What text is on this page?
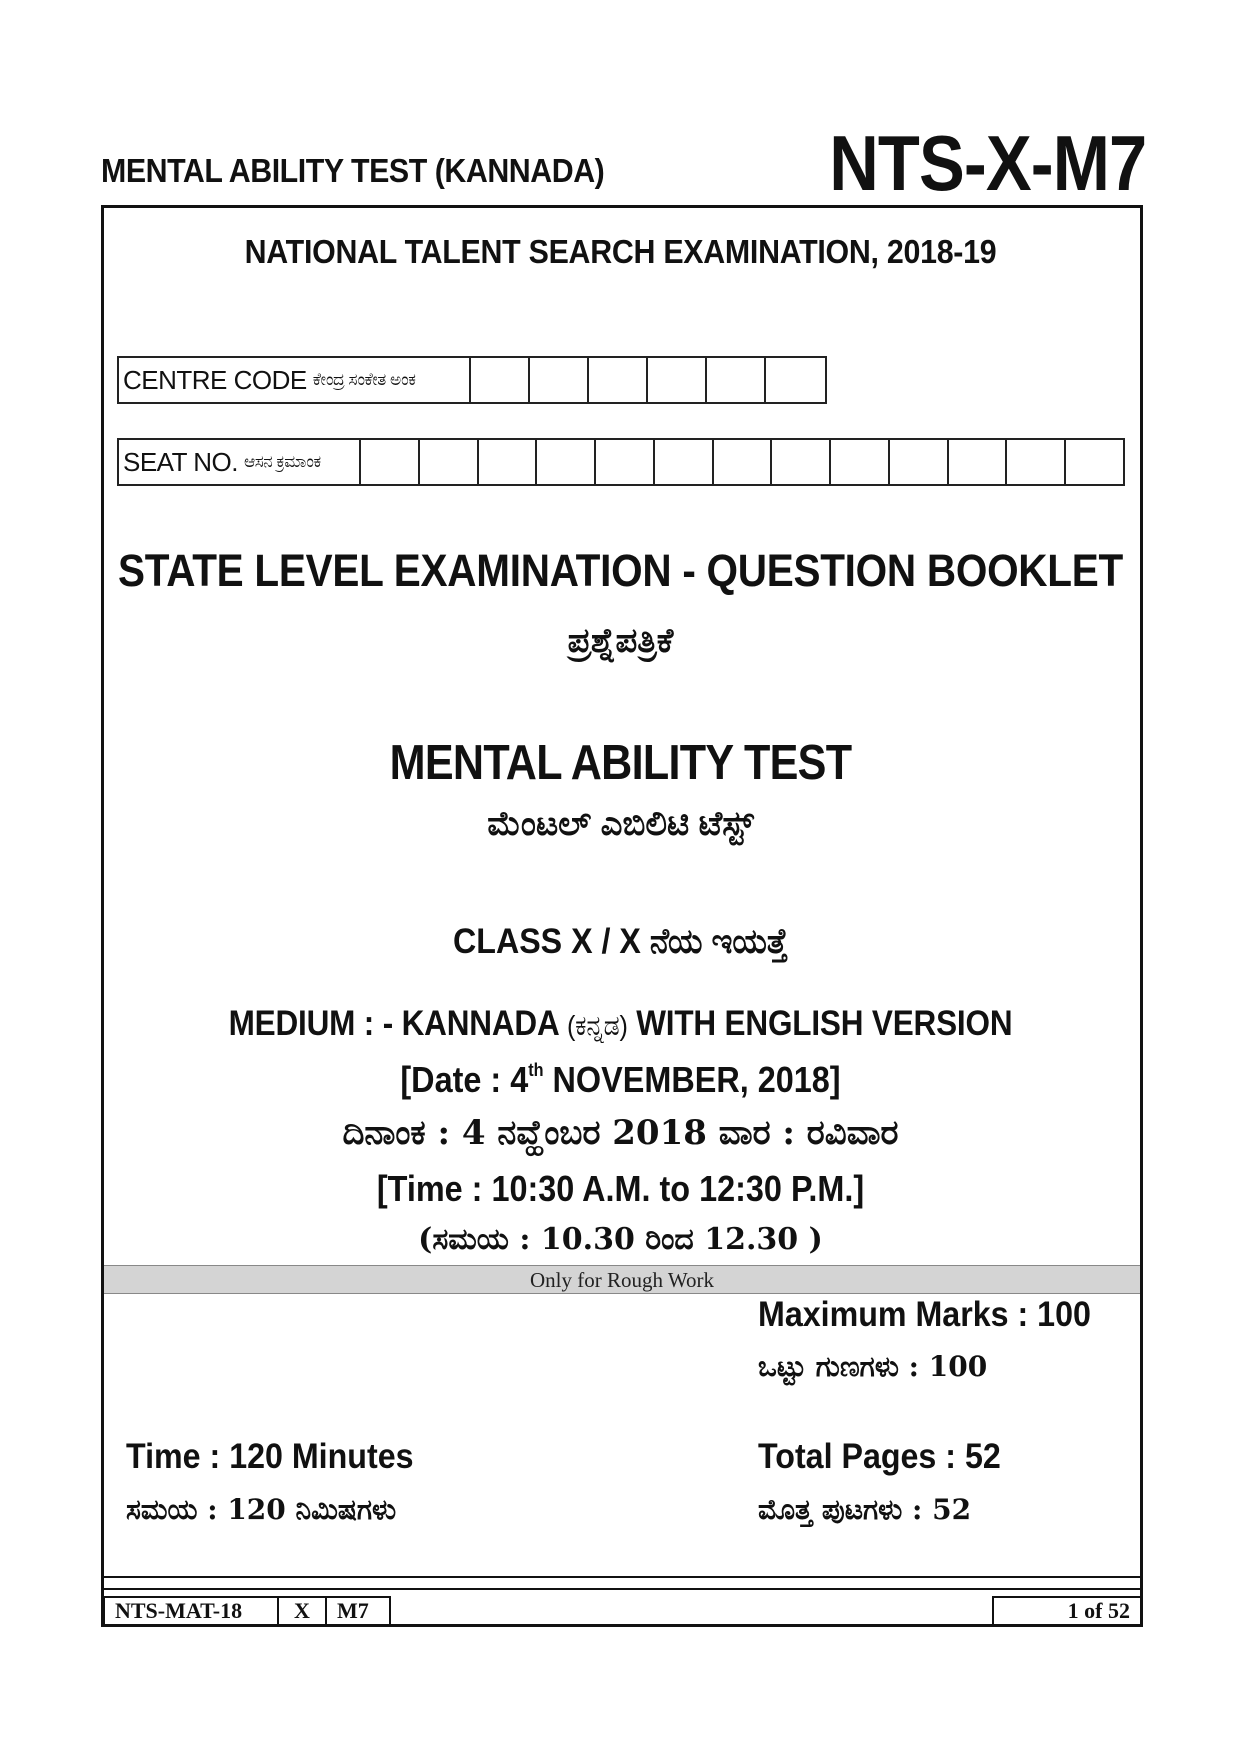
MENTAL ABILITY TEST (KANNADA)	NTS-X-M7
NATIONAL TALENT SEARCH EXAMINATION, 2018-19
CENTRE CODE ಕೇಂದ್ರ ಸಂಕೇತ ಅಂಕ
SEAT NO. ಆಸನ ಕ್ರಮಾಂಕ
STATE LEVEL EXAMINATION - QUESTION BOOKLET
ಪ್ರಶ್ನೆಪತ್ರಿಕೆ
MENTAL ABILITY TEST
ಮೆಂಟಲ್ ಎಬಿಲಿಟಿ ಟೆಸ್ಟ್
CLASS X / X ನೆಯ ಇಯತ್ತೆ
MEDIUM : - KANNADA (ಕನ್ನಡ) WITH ENGLISH VERSION
[Date : 4th NOVEMBER, 2018]
ದಿನಾಂಕ : 4 ನವ್ಹೆಂಬರ 2018 ವಾರ : ರವಿವಾರ
[Time : 10:30 A.M. to 12:30 P.M.]
(ಸಮಯ : 10.30 ರಿಂದ 12.30 )
Only for Rough Work
Maximum Marks : 100
ಒಟ್ಟು ಗುಣಗಳು : 100
Time : 120 Minutes
ಸಮಯ : 120 ನಿಮಿಷಗಳು
Total Pages : 52
ಮೊತ್ತ ಪುಟಗಳು : 52
NTS-MAT-18	X	M7	1 of 52
